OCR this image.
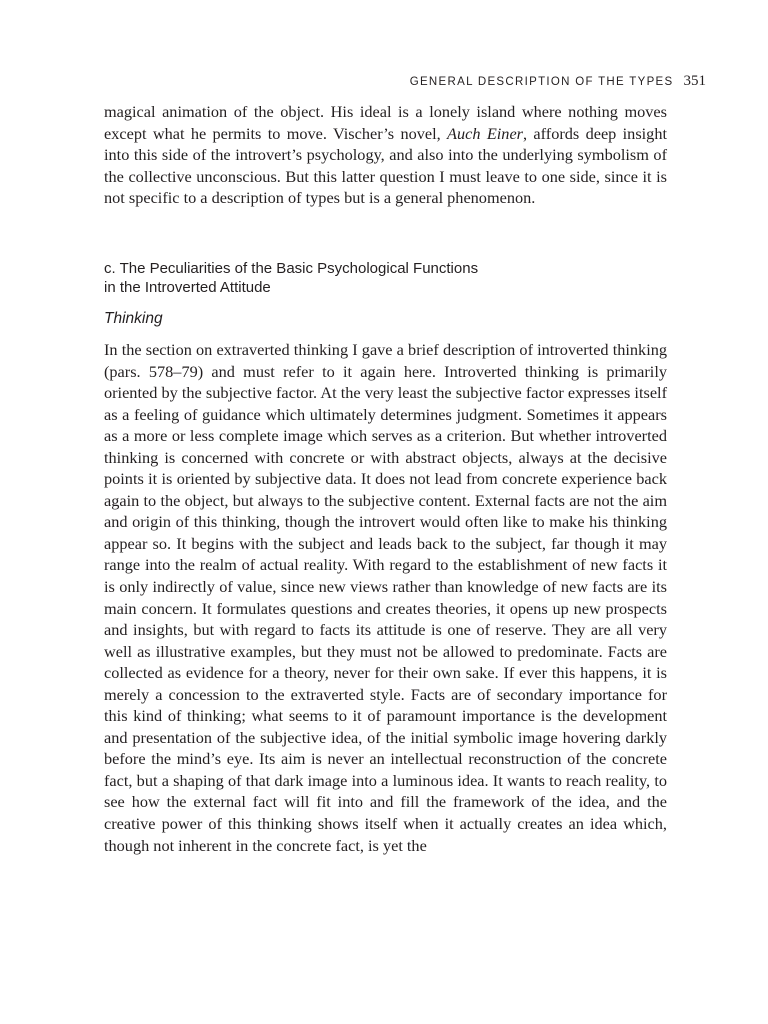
GENERAL DESCRIPTION OF THE TYPES 351

magical animation of the object. His ideal is a lonely island where nothing moves except what he permits to move. Vischer’s novel, Auch Einer, affords deep insight into this side of the introvert’s psychology, and also into the underlying symbolism of the collective unconscious. But this latter question I must leave to one side, since it is not specific to a description of types but is a general phenomenon.

c. The Peculiarities of the Basic Psychological Functions
in the Introverted Attitude
Thinking

In the section on extraverted thinking I gave a brief description of introverted thinking (pars. 578–79) and must refer to it again here. Introverted thinking is primarily oriented by the subjective factor. At the very least the subjective factor expresses itself as a feeling of guidance which ultimately determines judgment. Sometimes it appears as a more or less complete image which serves as a criterion. But whether introverted thinking is concerned with concrete or with abstract objects, always at the decisive points it is oriented by subjective data. It does not lead from concrete experience back again to the object, but always to the subjective content. External facts are not the aim and origin of this thinking, though the introvert would often like to make his thinking appear so. It begins with the subject and leads back to the subject, far though it may range into the realm of actual reality. With regard to the establishment of new facts it is only indirectly of value, since new views rather than knowledge of new facts are its main concern. It formulates questions and creates theories, it opens up new prospects and insights, but with regard to facts its attitude is one of reserve. They are all very well as illustrative examples, but they must not be allowed to predominate. Facts are collected as evidence for a theory, never for their own sake. If ever this happens, it is merely a concession to the extraverted style. Facts are of secondary importance for this kind of thinking; what seems to it of paramount importance is the development and presentation of the subjective idea, of the initial symbolic image hovering darkly before the mind’s eye. Its aim is never an intellectual reconstruction of the concrete fact, but a shaping of that dark image into a luminous idea. It wants to reach reality, to see how the external fact will fit into and fill the framework of the idea, and the creative power of this thinking shows itself when it actually creates an idea which, though not inherent in the concrete fact, is yet the
